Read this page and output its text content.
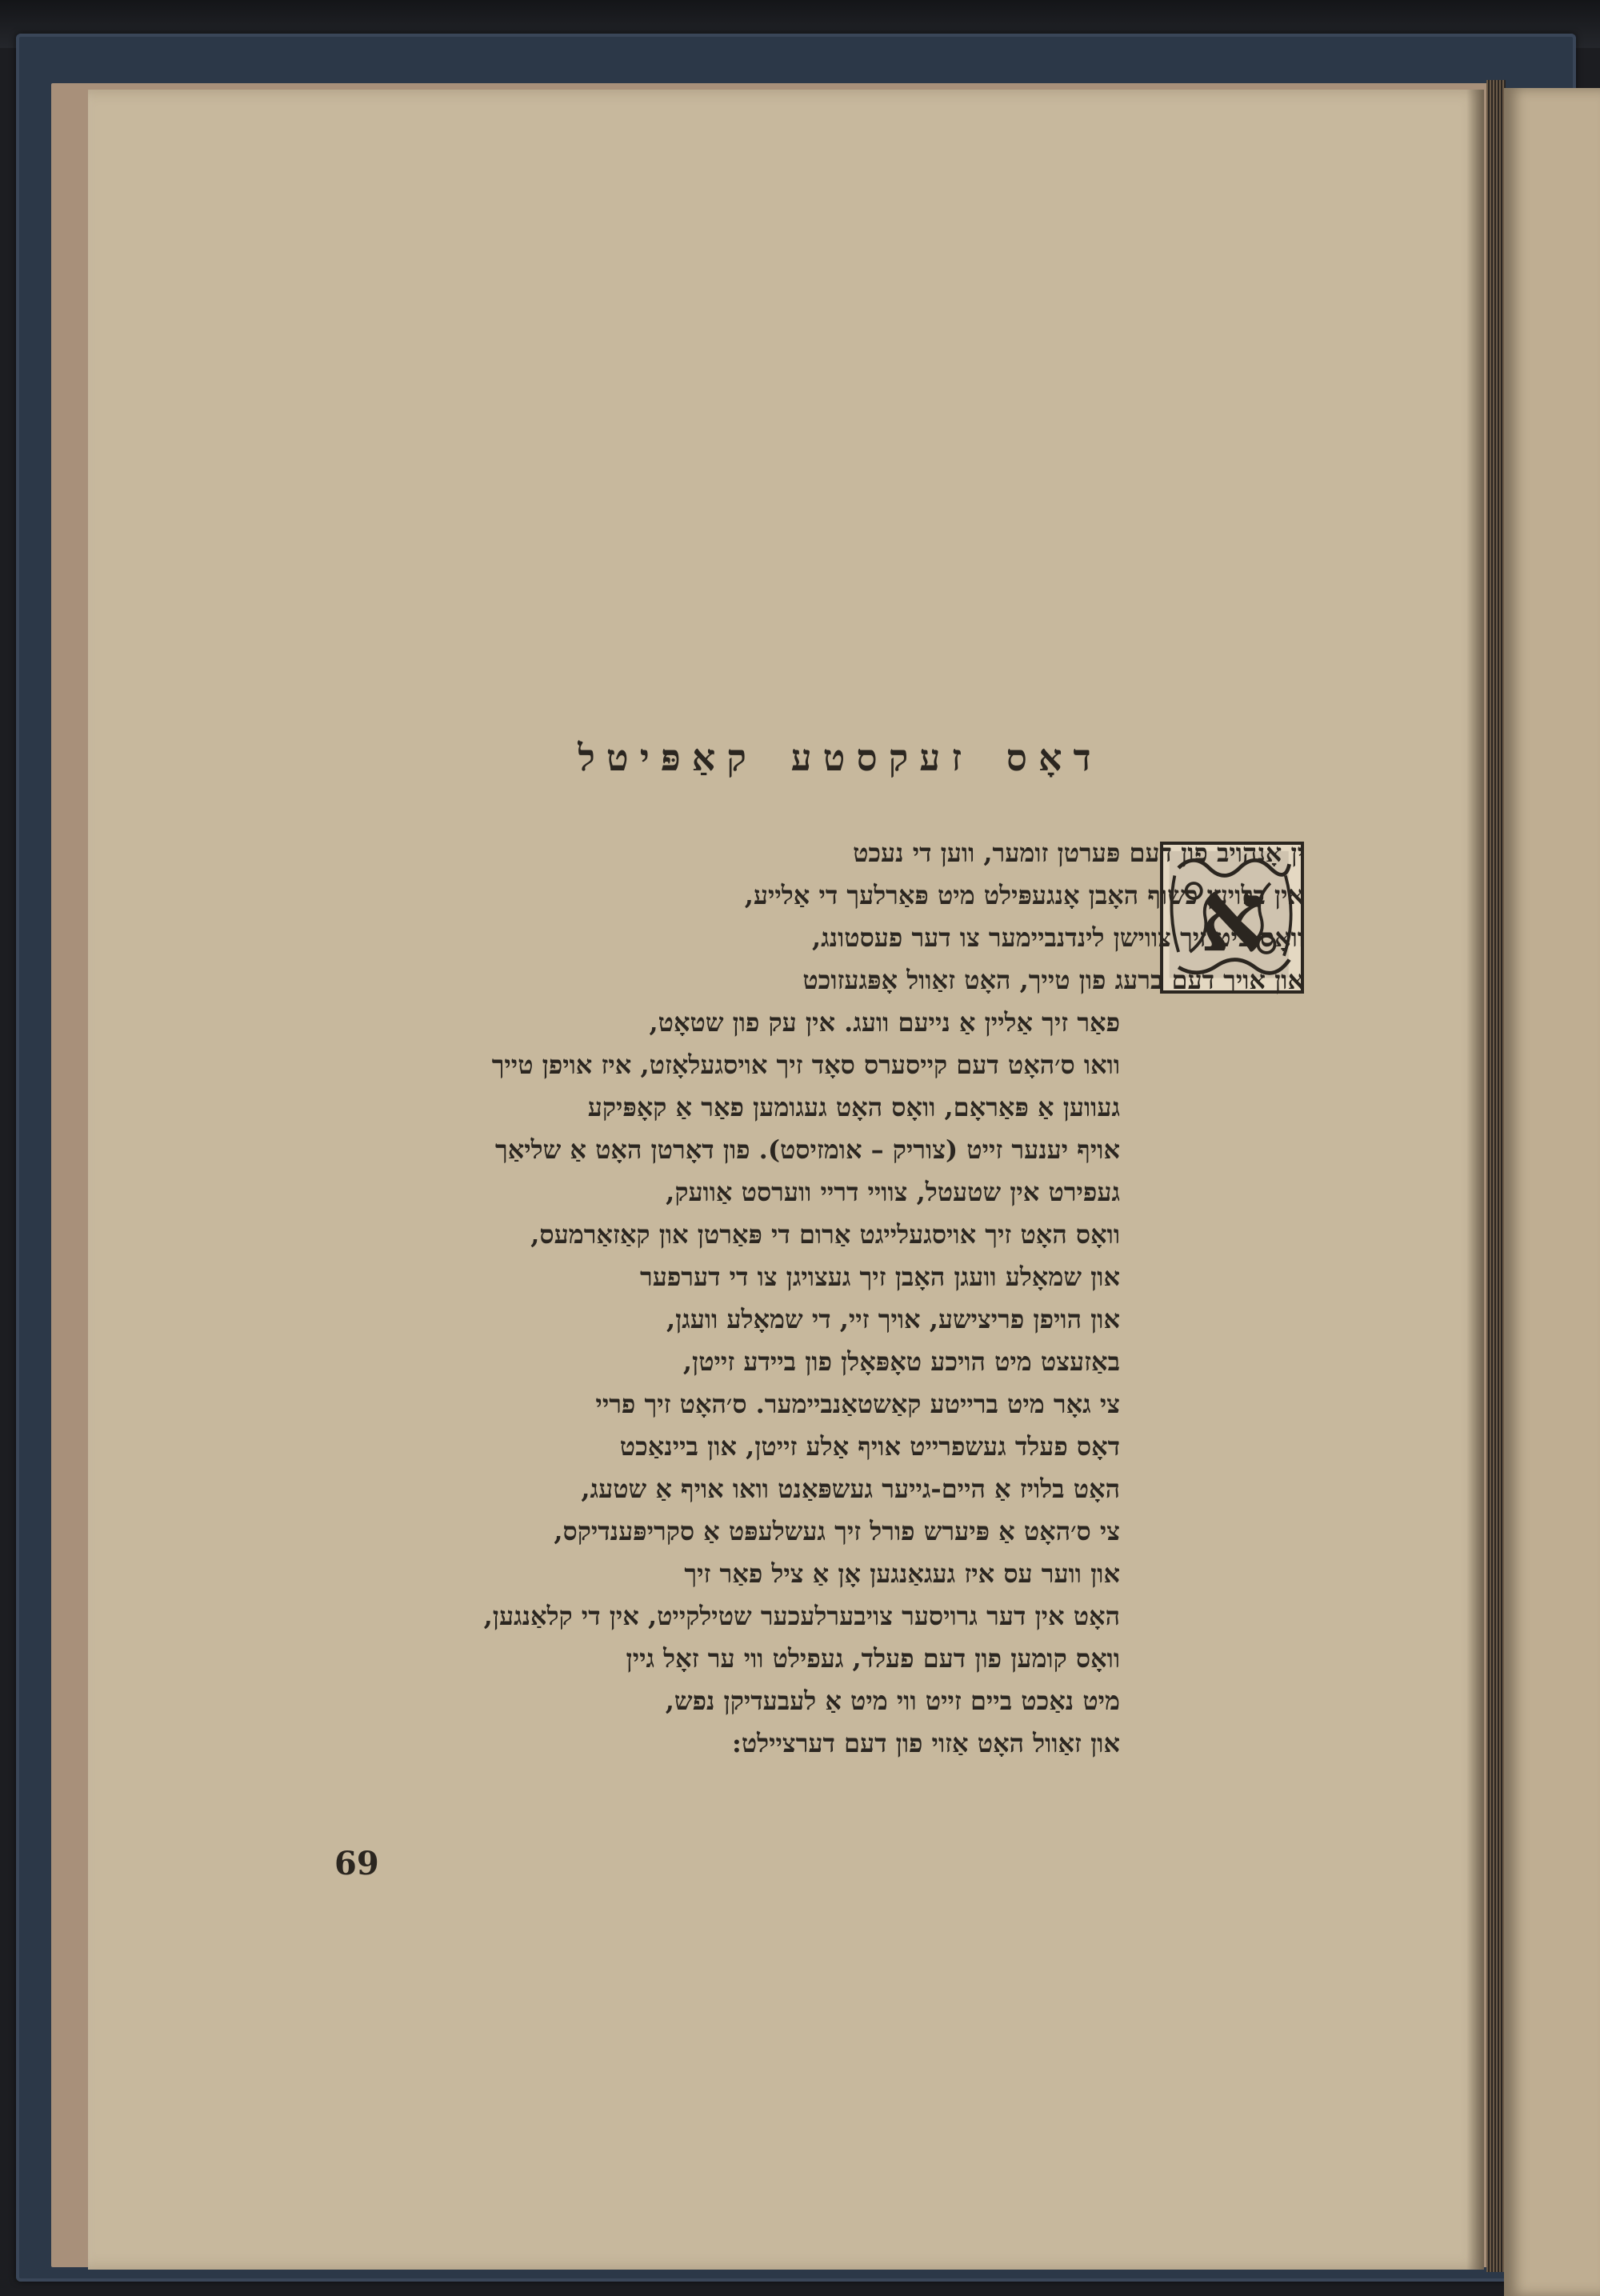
דאָס זעקסטע קאַפּיטל
א
ין אָנהויב פון דעם פּערטן זומער, ווען די נעכט
אין בלויען כשוף האָבן אָנגעפּילט מיט פּאַרלעך די אַלייע,
וואָס ציט זיך צווישן לינדנביימער צו דער פעסטונג,
און אויך דעם ברעג פון טייך, האָט זאַוול אָפּגעזוכט
פאַר זיך אַליין אַ נייעם וועג. אין עק פון שטאָט,
וואו ס׳האָט דעם קייסערס סאָד זיך אויסגעלאָזט, איז אויפן טייך
געווען אַ פּאַראָם, וואָס האָט געגומען פאַר אַ קאָפּיקע
אויף יענער זייט (צוריק – אומזיסט). פון דאָרטן האָט אַ שליאַך
געפירט אין שטעטל, צוויי דריי ווערסט אַוועק,
וואָס האָט זיך אויסגעלייגט אַרום די פּאַרטן און קאַזאַרמעס,
און שמאָלע וועגן האָבן זיך געצויגן צו די דערפער
און הויפן פריצישע, אויך זיי, די שמאָלע וועגן,
באַזעצט מיט הויכע טאָפּאָלן פון ביידע זייטן,
צי גאָר מיט ברייטע קאַשטאַנביימער. ס׳האָט זיך פריי
דאָס פעלד געשפרייט אויף אַלע זייטן, און ביינאַכט
האָט בלויז אַ היים-גייער געשפּאַנט וואו אויף אַ שטעג,
צי ס׳האָט אַ פּיערש פורל זיך געשלעפּט אַ סקריפּענדיקס,
און ווער עס איז געגאַנגען אָן אַ ציל פאַר זיך
האָט אין דער גרויסער צויבערלעכער שטילקייט, אין די קלאַנגען,
וואָס קומען פון דעם פעלד, געפילט ווי ער זאָל גיין
מיט נאַכט ביים זייט ווי מיט אַ לעבעדיקן נפש,
און זאַוול האָט אַזוי פון דעם דערציילט:
69
